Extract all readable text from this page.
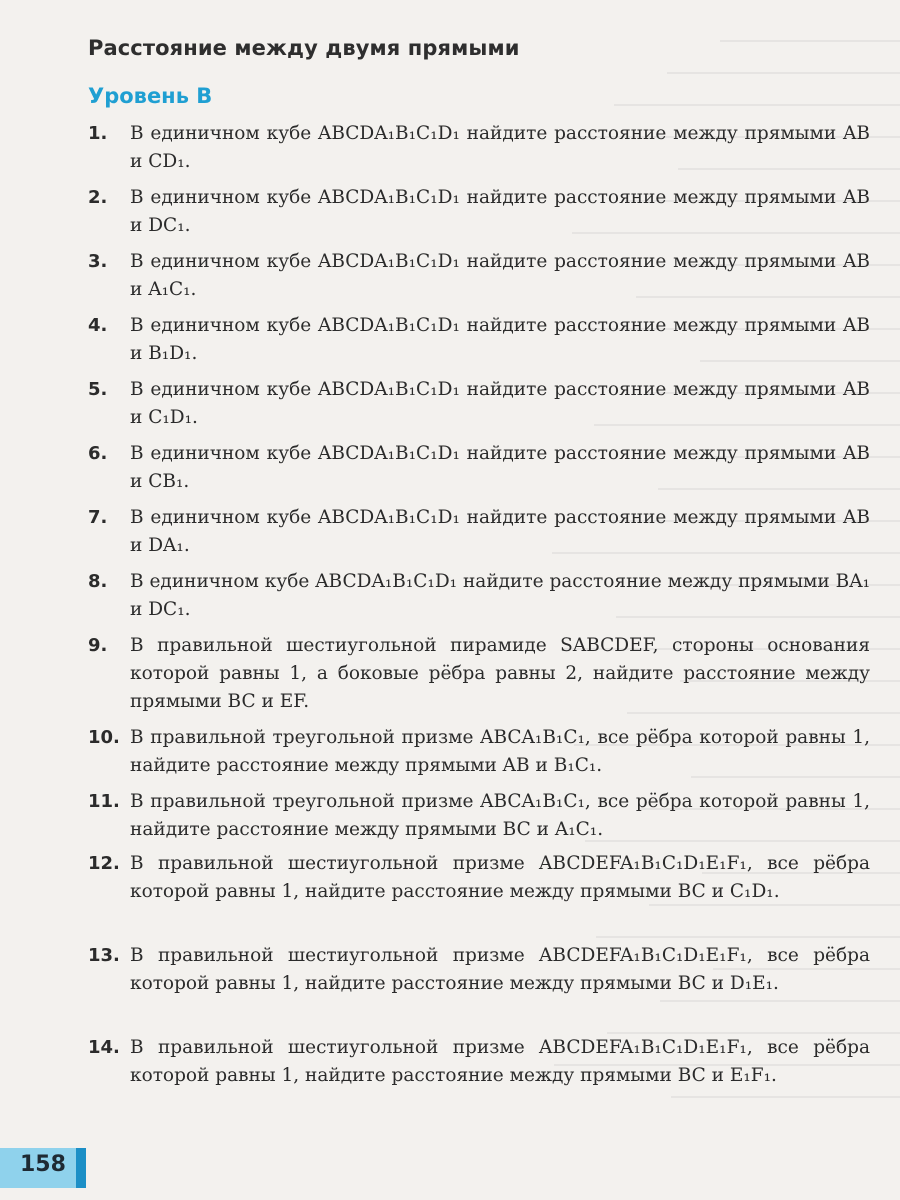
Расстояние между двумя прямыми
Уровень B
1. В единичном кубе ABCDA₁B₁C₁D₁ найдите расстояние между прямыми AB и CD₁.
2. В единичном кубе ABCDA₁B₁C₁D₁ найдите расстояние между прямыми AB и DC₁.
3. В единичном кубе ABCDA₁B₁C₁D₁ найдите расстояние между прямыми AB и A₁C₁.
4. В единичном кубе ABCDA₁B₁C₁D₁ найдите расстояние между прямыми AB и B₁D₁.
5. В единичном кубе ABCDA₁B₁C₁D₁ найдите расстояние между прямыми AB и C₁D₁.
6. В единичном кубе ABCDA₁B₁C₁D₁ найдите расстояние между прямыми AB и CB₁.
7. В единичном кубе ABCDA₁B₁C₁D₁ найдите расстояние между прямыми AB и DA₁.
8. В единичном кубе ABCDA₁B₁C₁D₁ найдите расстояние между прямыми BA₁ и DC₁.
9. В правильной шестиугольной пирамиде SABCDEF, стороны основания которой равны 1, а боковые рёбра равны 2, найдите расстояние между прямыми BC и EF.
10. В правильной треугольной призме ABCA₁B₁C₁, все рёбра которой равны 1, найдите расстояние между прямыми AB и B₁C₁.
11. В правильной треугольной призме ABCA₁B₁C₁, все рёбра которой равны 1, найдите расстояние между прямыми BC и A₁C₁.
12. В правильной шестиугольной призме ABCDEFA₁B₁C₁D₁E₁F₁, все рёбра которой равны 1, найдите расстояние между прямыми BC и C₁D₁.
13. В правильной шестиугольной призме ABCDEFA₁B₁C₁D₁E₁F₁, все рёбра которой равны 1, найдите расстояние между прямыми BC и D₁E₁.
14. В правильной шестиугольной призме ABCDEFA₁B₁C₁D₁E₁F₁, все рёбра которой равны 1, найдите расстояние между прямыми BC и E₁F₁.
158
